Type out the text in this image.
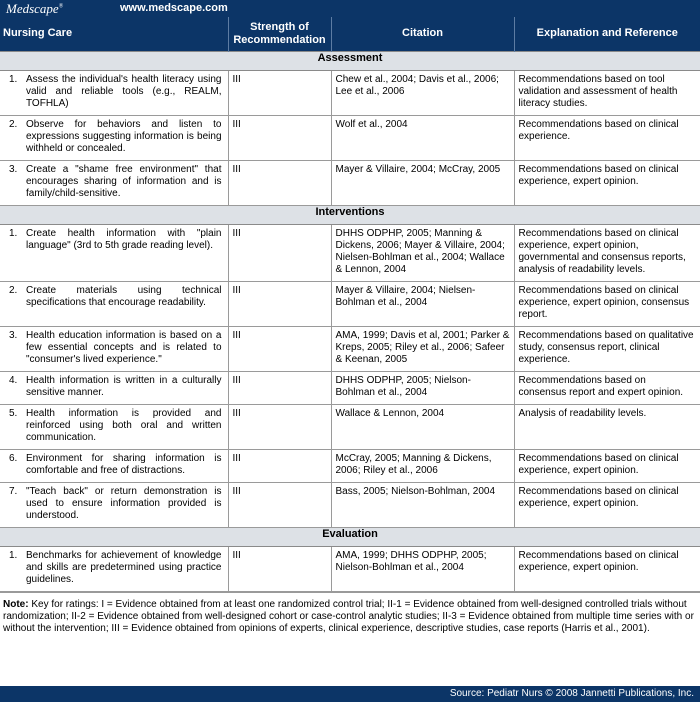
Medscape®	www.medscape.com
Nursing Care	Strength of Recommendation	Citation	Explanation and Reference
Assessment			

1. Assess the individual's health literacy using valid and reliable tools (e.g., REALM, TOFHLA)	III	Chew et al., 2004; Davis et al., 2006; Lee et al., 2006	Recommendations based on tool validation and assessment of health literacy studies.

2. Observe for behaviors and listen to expressions suggesting information is being withheld or concealed.	III	Wolf et al., 2004	Recommendations based on clinical experience.

3. Create a "shame free environment" that encourages sharing of information and is family/child-sensitive.	III	Mayer & Villaire, 2004; McCray, 2005	Recommendations based on clinical experience, expert opinion.
Interventions			

1. Create health information with "plain language" (3rd to 5th grade reading level).	III	DHHS ODPHP, 2005; Manning & Dickens, 2006; Mayer & Villaire, 2004; Nielsen-Bohlman et al., 2004; Wallace & Lennon, 2004	Recommendations based on clinical experience, expert opinion, governmental and consensus reports, analysis of readability levels.

2. Create materials using technical specifications that encourage readability.	III	Mayer & Villaire, 2004; Nielsen-Bohlman et al., 2004	Recommendations based on clinical experience, expert opinion, consensus report.

3. Health education information is based on a few essential concepts and is related to "consumer's lived experience."	III	AMA, 1999; Davis et al, 2001; Parker & Kreps, 2005; Riley et al., 2006; Safeer & Keenan, 2005	Recommendations based on qualitative study, consensus report, clinical experience.

4. Health information is written in a culturally sensitive manner.	III	DHHS ODPHP, 2005; Nielson-Bohlman et al., 2004	Recommendations based on consensus report and expert opinion.

5. Health information is provided and reinforced using both oral and written communication.	III	Wallace & Lennon, 2004	Analysis of readability levels.

6. Environment for sharing information is comfortable and free of distractions.	III	McCray, 2005; Manning & Dickens, 2006; Riley et al., 2006	Recommendations based on clinical experience, expert opinion.

7. "Teach back" or return demonstration is used to ensure information provided is understood.	III	Bass, 2005; Nielson-Bohlman, 2004	Recommendations based on clinical experience, expert opinion.
Evaluation			

1. Benchmarks for achievement of knowledge and skills are predetermined using practice guidelines.	III	AMA, 1999; DHHS ODPHP, 2005; Nielson-Bohlman et al., 2004	Recommendations based on clinical experience, expert opinion.
Note: Key for ratings: I = Evidence obtained from at least one randomized control trial; II-1 = Evidence obtained from well-designed controlled trials without randomization; II-2 = Evidence obtained from well-designed cohort or case-control analytic studies; II-3 = Evidence obtained from multiple time series with or without the intervention; III = Evidence obtained from opinions of experts, clinical experience, descriptive studies, case reports (Harris et al., 2001).
Source: Pediatr Nurs © 2008 Jannetti Publications, Inc.
